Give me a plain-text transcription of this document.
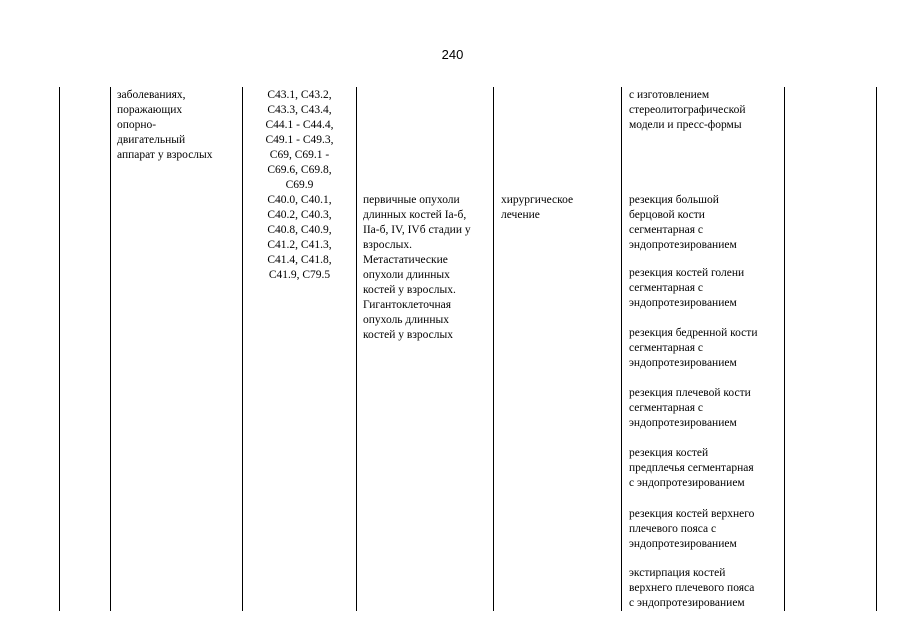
240
заболеваниях,
поражающих
опорно-
двигательный
аппарат у взрослых
C43.1, C43.2,
C43.3, C43.4,
C44.1 - C44.4,
C49.1 - C49.3,
C69, C69.1 -
C69.6, C69.8,
C69.9
C40.0, C40.1,
C40.2, C40.3,
C40.8, C40.9,
C41.2, C41.3,
C41.4, C41.8,
C41.9, C79.5
с изготовлением
стереолитографической
модели и пресс-формы
первичные опухоли
длинных костей Ia-б,
IIa-б, IV, IVб стадии у
взрослых.
Метастатические
опухоли длинных
костей у взрослых.
Гигантоклеточная
опухоль длинных
костей у взрослых
хирургическое
лечение
резекция большой
берцовой кости
сегментарная с
эндопротезированием
резекция костей голени
сегментарная с
эндопротезированием
резекция бедренной кости
сегментарная с
эндопротезированием
резекция плечевой кости
сегментарная с
эндопротезированием
резекция костей
предплечья сегментарная
с эндопротезированием
резекция костей верхнего
плечевого пояса с
эндопротезированием
экстирпация костей
верхнего плечевого пояса
с эндопротезированием
